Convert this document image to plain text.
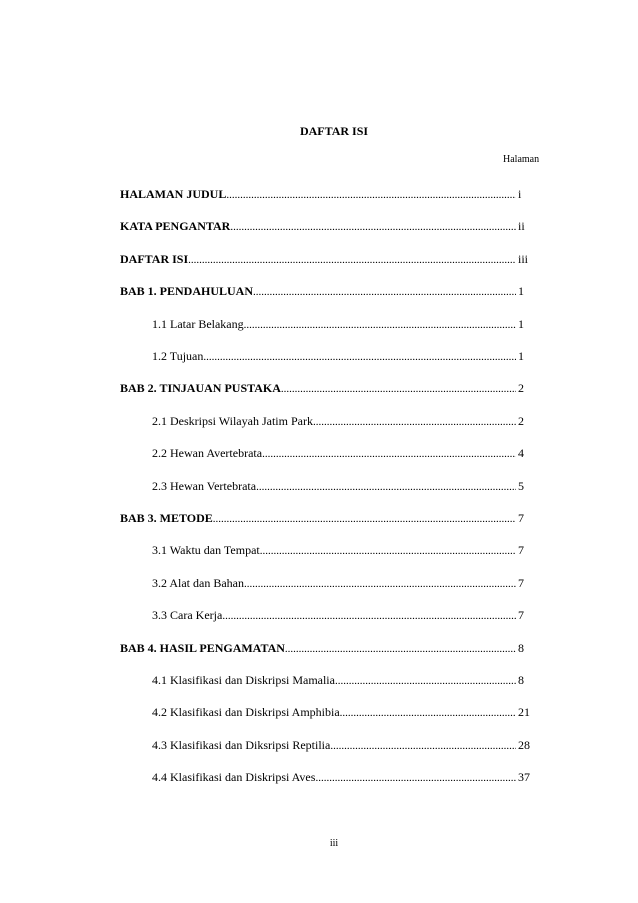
DAFTAR ISI
Halaman
HALAMAN JUDUL .....	i
KATA PENGANTAR .....	ii
DAFTAR ISI .....	iii
BAB 1. PENDAHULUAN .....	1
1.1 Latar Belakang .....	1
1.2 Tujuan .....	1
BAB 2. TINJAUAN PUSTAKA .....	2
2.1 Deskripsi Wilayah Jatim Park .....	2
2.2 Hewan Avertebrata .....	4
2.3 Hewan Vertebrata .....	5
BAB 3. METODE .....	7
3.1 Waktu dan Tempat .....	7
3.2 Alat dan Bahan .....	7
3.3 Cara Kerja .....	7
BAB 4. HASIL PENGAMATAN .....	8
4.1 Klasifikasi dan Diskripsi Mamalia .....	8
4.2 Klasifikasi dan Diskripsi Amphibia .....	21
4.3 Klasifikasi dan Diksripsi Reptilia .....	28
4.4 Klasifikasi dan Diskripsi Aves .....	37
iii
